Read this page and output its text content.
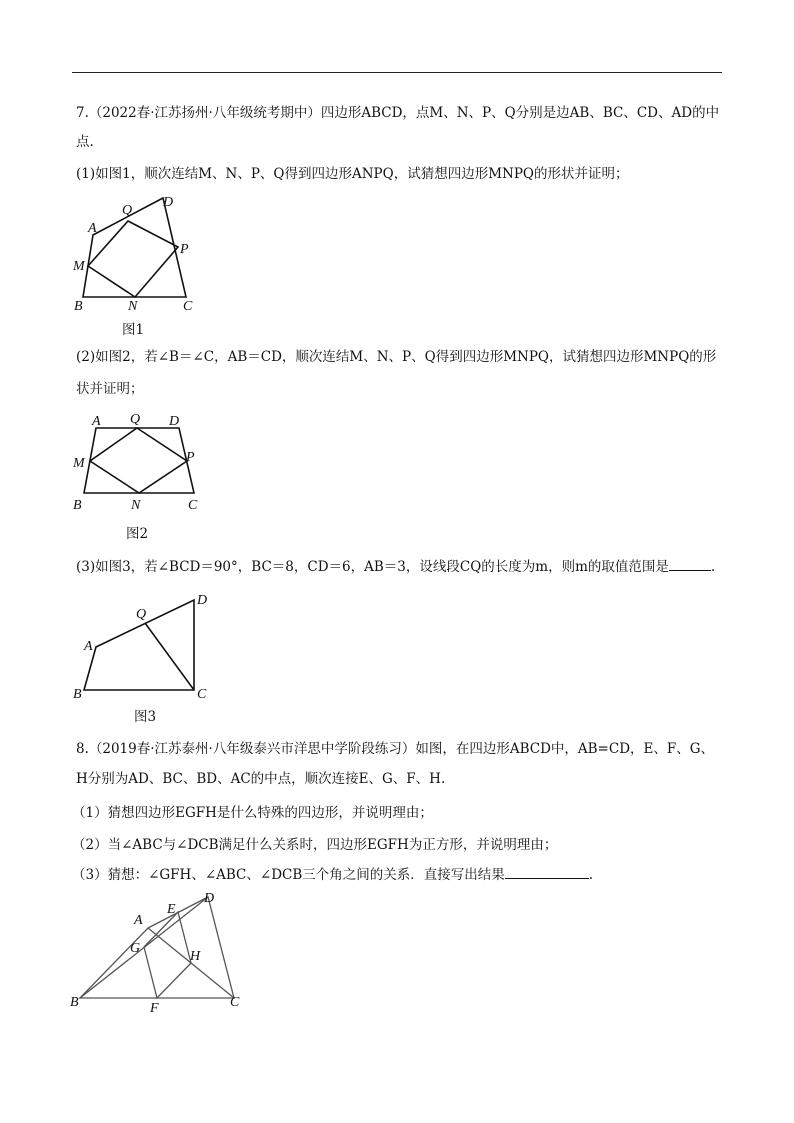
7.（2022春·江苏扬州·八年级统考期中）四边形ABCD，点M、N、P、Q分别是边AB、BC、CD、AD的中
点.
(1)如图1，顺次连结M、N、P、Q得到四边形ANPQ，试猜想四边形MNPQ的形状并证明；
A
D
Q
P
M
B	N	C
图1
(2)如图2，若∠B＝∠C，AB＝CD，顺次连结M、N、P、Q得到四边形MNPQ，试猜想四边形MNPQ的形
状并证明；
A Q D
M	P
B	N	C
图2
(3)如图3，若∠BCD＝90°，BC＝8，CD＝6，AB＝3，设线段CQ的长度为m，则m的取值范围是	.
A
Q
D
B	C
图3
8.（2019春·江苏泰州·八年级泰兴市洋思中学阶段练习）如图，在四边形ABCD中，AB=CD，E、F、G、
H分别为AD、BC、BD、AC的中点，顺次连接E、G、F、H.
（1）猜想四边形EGFH是什么特殊的四边形，并说明理由；
（2）当∠ABC与∠DCB满足什么关系时，四边形EGFH为正方形，并说明理由；
（3）猜想：∠GFH、∠ABC、∠DCB三个角之间的关系．直接写出结果	.
A
E
D
G
H
B	F	C
